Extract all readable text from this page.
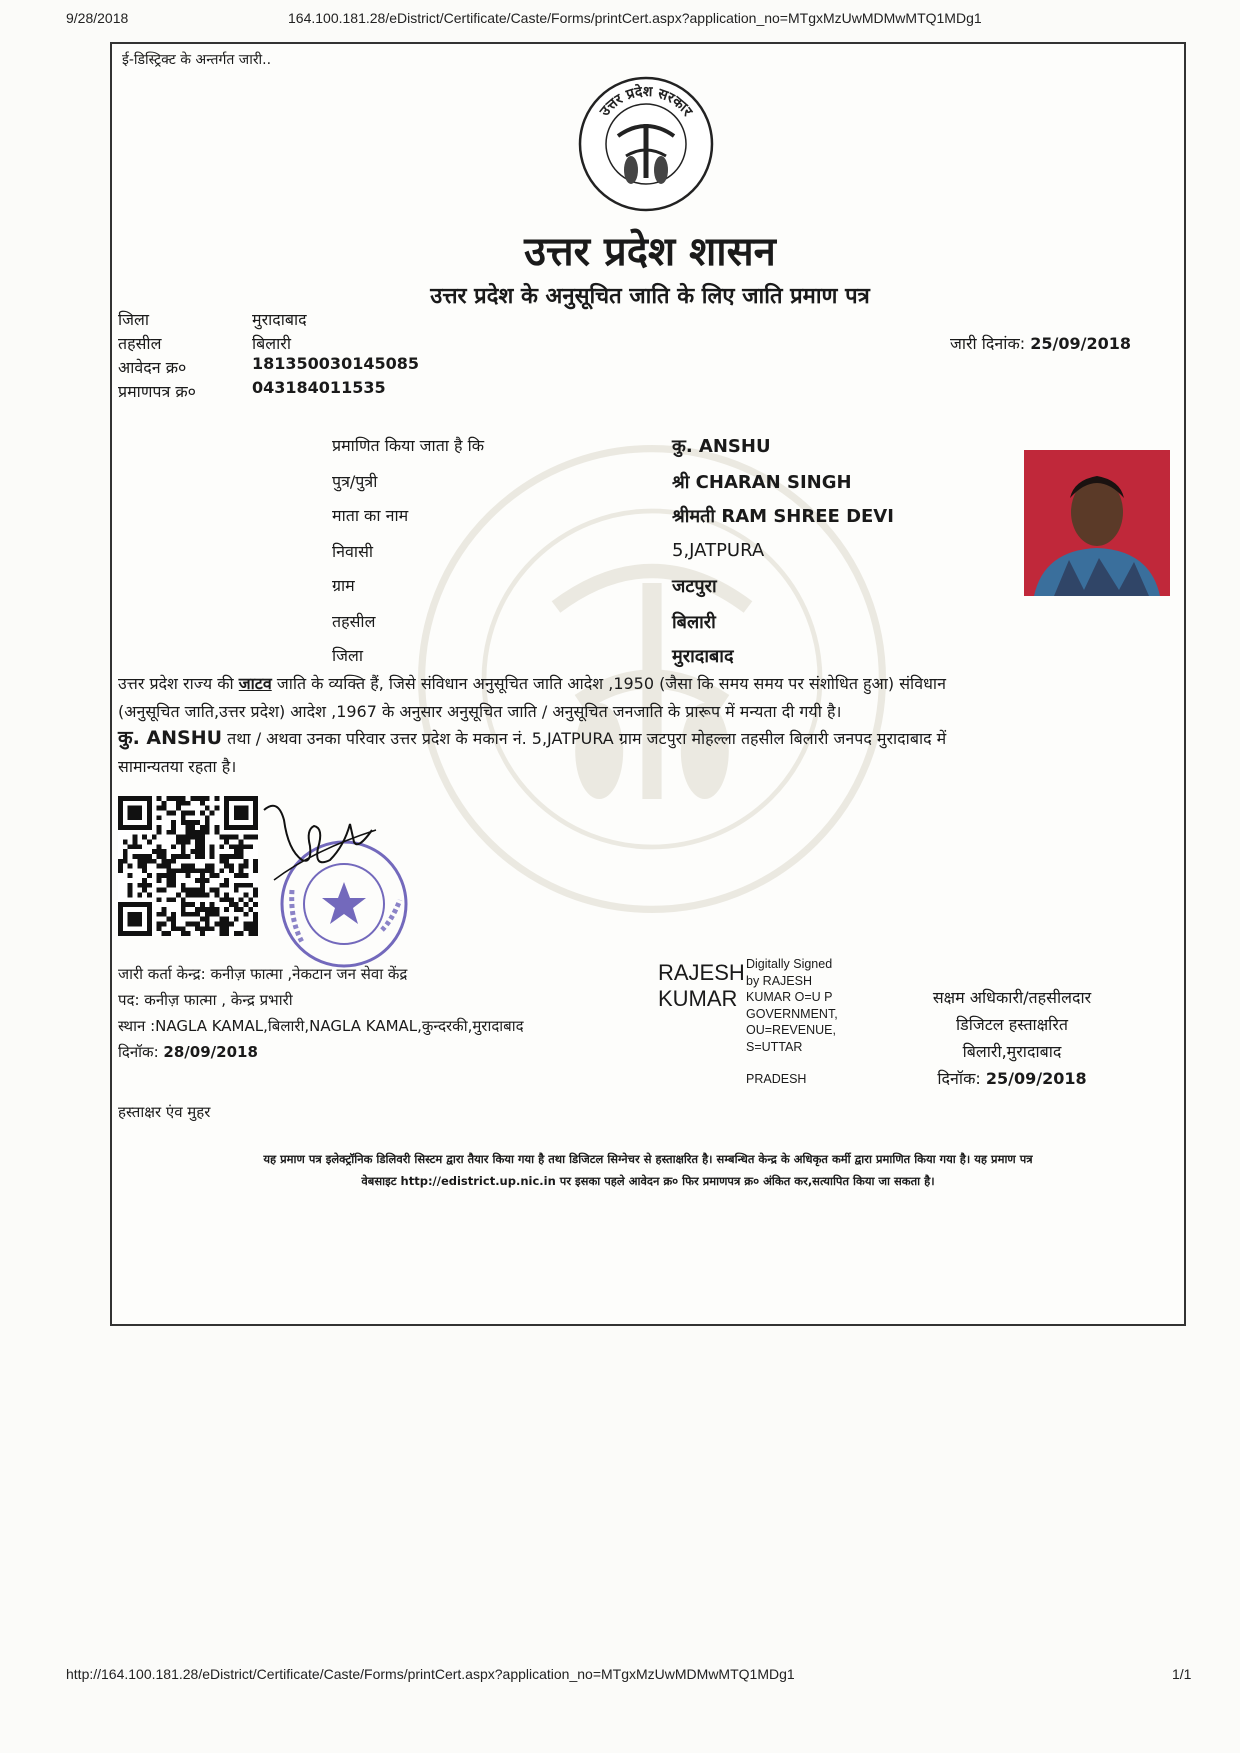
9/28/2018	164.100.181.28/eDistrict/Certificate/Caste/Forms/printCert.aspx?application_no=MTgxMzUwMDMwMTQ1MDg1
ई-डिस्ट्रिक्ट के अन्तर्गत जारी..
उत्तर प्रदेश सरकार
उत्तर प्रदेश शासन
उत्तर प्रदेश के अनुसूचित जाति के लिए जाति प्रमाण पत्र
जिला	मुरादाबाद
तहसील	बिलारी
आवेदन क्र०	181350030145085
प्रमाणपत्र क्र०	043184011535
जारी दिनांक: 25/09/2018
प्रमाणित किया जाता है कि	कु. ANSHU
पुत्र/पुत्री	श्री CHARAN SINGH
माता का नाम	श्रीमती RAM SHREE DEVI
निवासी	5,JATPURA
ग्राम	जटपुरा
तहसील	बिलारी
जिला	मुरादाबाद
उत्तर प्रदेश राज्य की जाटव जाति के व्यक्ति हैं, जिसे संविधान अनुसूचित जाति आदेश ,1950 (जैसा कि समय समय पर संशोधित हुआ) संविधान
(अनुसूचित जाति,उत्तर प्रदेश) आदेश ,1967 के अनुसार अनुसूचित जाति / अनुसूचित जनजाति के प्रारूप में मन्यता दी गयी है।
कु. ANSHU तथा / अथवा उनका परिवार उत्तर प्रदेश के मकान नं. 5,JATPURA ग्राम जटपुरा मोहल्ला तहसील बिलारी जनपद मुरादाबाद में
सामान्यतया रहता है।
जारी कर्ता केन्द्र: कनीज़ फात्मा ,नेकटान जन सेवा केंद्र
पद: कनीज़ फात्मा , केन्द्र प्रभारी
स्थान :NAGLA KAMAL,बिलारी,NAGLA KAMAL,कुन्दरकी,मुरादाबाद
दिनॉक: 28/09/2018
RAJESH
KUMAR
Digitally Signed
by RAJESH
KUMAR O=U P
GOVERNMENT,
OU=REVENUE,
S=UTTAR
PRADESH
सक्षम अधिकारी/तहसीलदार
डिजिटल हस्ताक्षरित
बिलारी,मुरादाबाद
दिनॉक: 25/09/2018
हस्ताक्षर एंव मुहर
यह प्रमाण पत्र इलेक्ट्रॉनिक डिलिवरी सिस्टम द्वारा तैयार किया गया है तथा डिजिटल सिग्नेचर से हस्ताक्षरित है। सम्बन्धित केन्द्र के अधिकृत कर्मी द्वारा प्रमाणित किया गया है। यह प्रमाण पत्र
वेबसाइट http://edistrict.up.nic.in पर इसका पहले आवेदन क्र० फिर प्रमाणपत्र क्र० अंकित कर,सत्यापित किया जा सकता है।
http://164.100.181.28/eDistrict/Certificate/Caste/Forms/printCert.aspx?application_no=MTgxMzUwMDMwMTQ1MDg1	1/1
